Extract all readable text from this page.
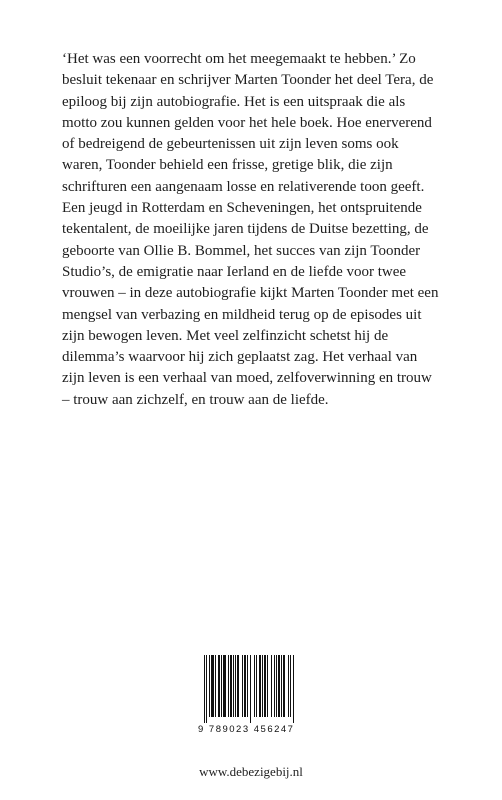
‘Het was een voorrecht om het meegemaakt te hebben.’ Zo besluit tekenaar en schrijver Marten Toonder het deel Tera, de epiloog bij zijn autobiografie. Het is een uitspraak die als motto zou kunnen gelden voor het hele boek. Hoe enerverend of bedreigend de gebeurtenissen uit zijn leven soms ook waren, Toonder behield een frisse, gretige blik, die zijn schrifturen een aangenaam losse en relativerende toon geeft.

Een jeugd in Rotterdam en Scheveningen, het ontspruitende tekentalent, de moeilijke jaren tijdens de Duitse bezetting, de geboorte van Ollie B. Bommel, het succes van zijn Toonder Studio’s, de emigratie naar Ierland en de liefde voor twee vrouwen – in deze autobiografie kijkt Marten Toonder met een mengsel van verbazing en mildheid terug op de episodes uit zijn bewogen leven. Met veel zelfinzicht schetst hij de dilemma’s waarvoor hij zich geplaatst zag. Het verhaal van zijn leven is een verhaal van moed, zelfoverwinning en trouw – trouw aan zichzelf, en trouw aan de liefde.

9 789023 456247
www.debezigebij.nl
